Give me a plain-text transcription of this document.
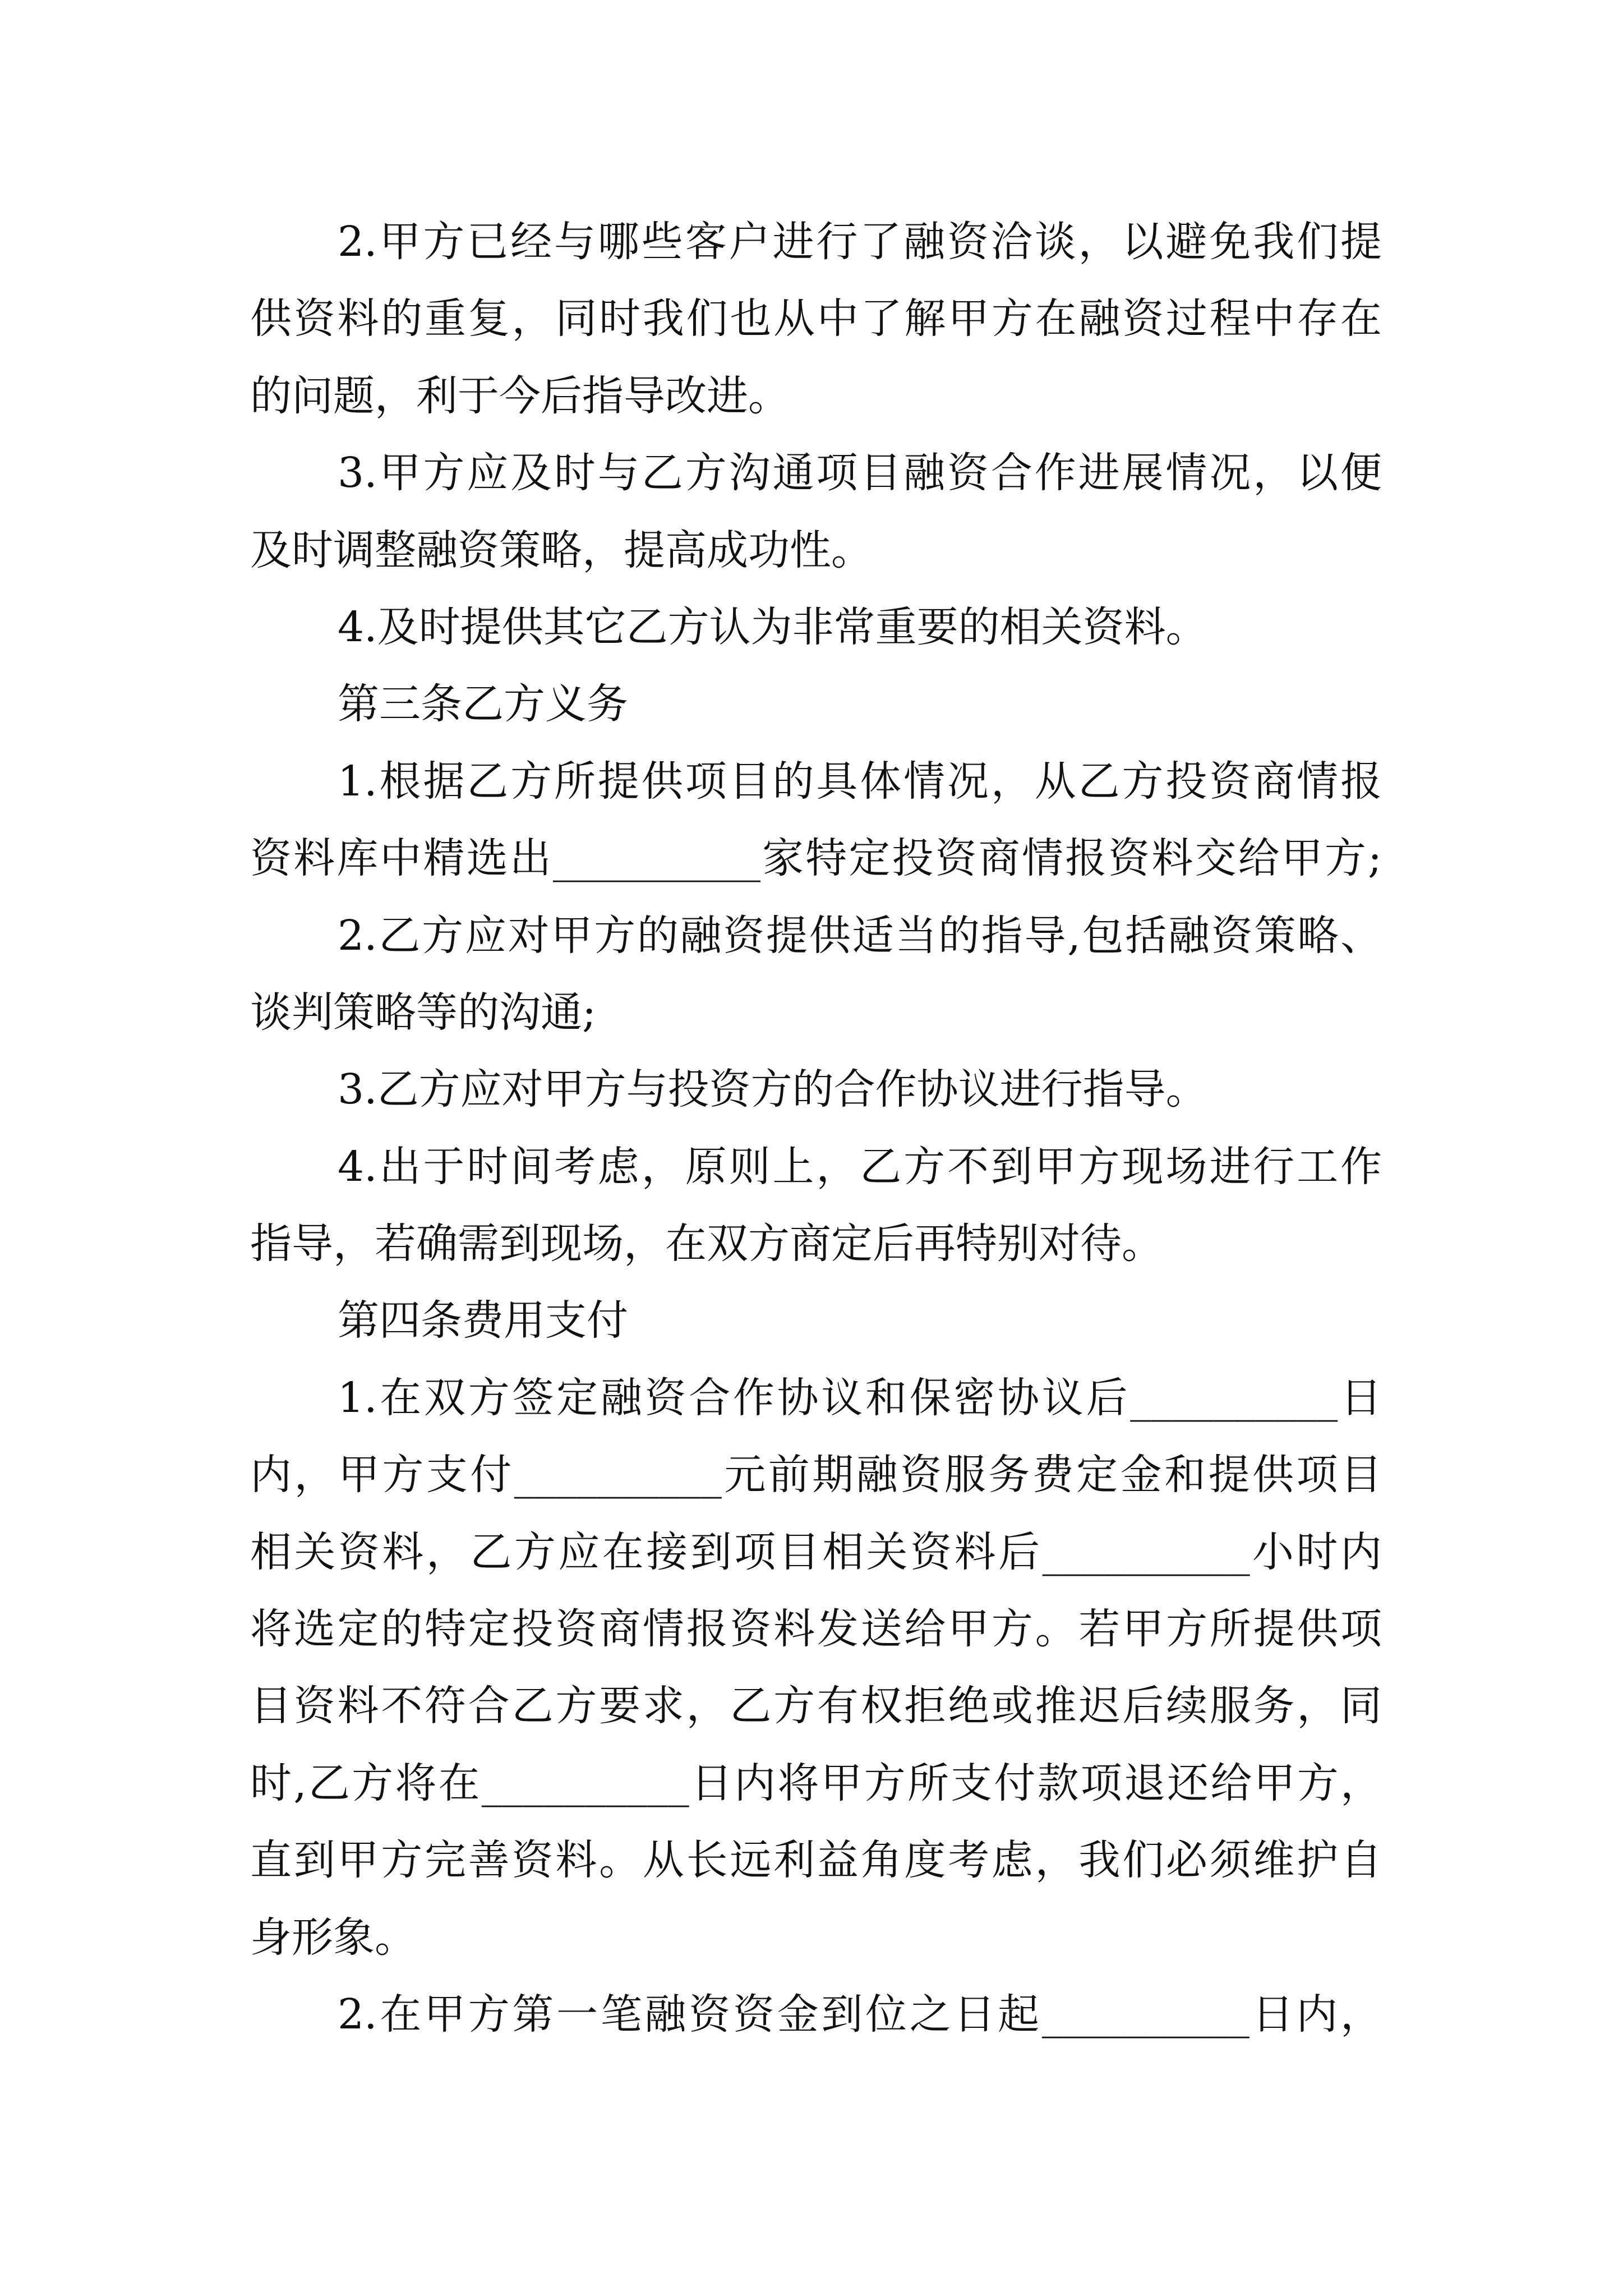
2.甲方已经与哪些客户进行了融资洽谈，以避免我们提
供资料的重复，同时我们也从中了解甲方在融资过程中存在
的问题，利于今后指导改进。
3.甲方应及时与乙方沟通项目融资合作进展情况，以便
及时调整融资策略，提高成功性。
4.及时提供其它乙方认为非常重要的相关资料。
第三条乙方义务
1.根据乙方所提供项目的具体情况，从乙方投资商情报
资料库中精选出__________家特定投资商情报资料交给甲方;
2.乙方应对甲方的融资提供适当的指导,包括融资策略、
谈判策略等的沟通;
3.乙方应对甲方与投资方的合作协议进行指导。
4.出于时间考虑，原则上，乙方不到甲方现场进行工作
指导，若确需到现场，在双方商定后再特别对待。
第四条费用支付
1.在双方签定融资合作协议和保密协议后__________日
内，甲方支付__________元前期融资服务费定金和提供项目
相关资料，乙方应在接到项目相关资料后__________小时内
将选定的特定投资商情报资料发送给甲方。若甲方所提供项
目资料不符合乙方要求，乙方有权拒绝或推迟后续服务，同
时,乙方将在__________日内将甲方所支付款项退还给甲方，
直到甲方完善资料。从长远利益角度考虑，我们必须维护自
身形象。
2.在甲方第一笔融资资金到位之日起__________日内，
